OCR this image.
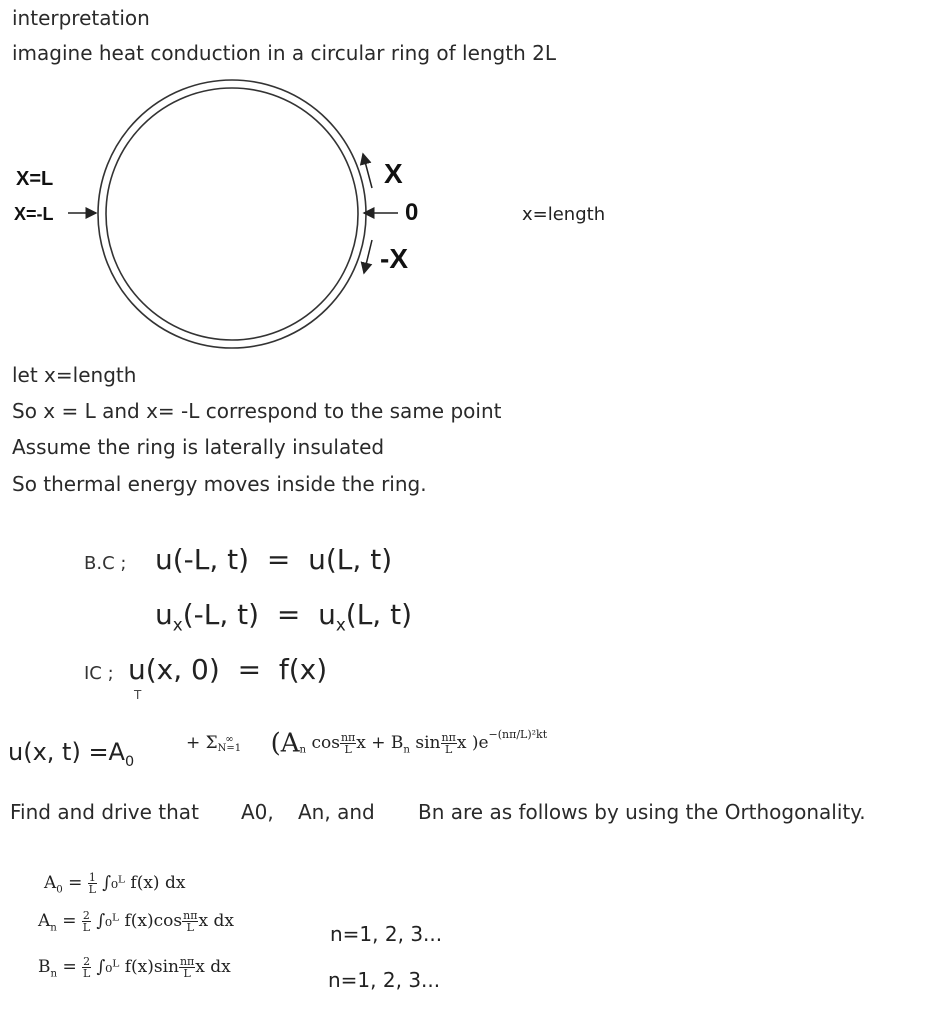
interpretation
imagine heat conduction in a circular ring of length 2L
X=L
X=-L
X
0
-X
x=length
let x=length
So x = L and x= -L correspond to the same point
Assume the ring is laterally insulated
So thermal energy moves inside the ring.
B.C ; u(-L, t)  =  u(L, t)
$u_x(-L$, $t) = u_x(L$, t)
IC ; u(x, 0)  =  f(x)
T
u(x, $t) =A_0$
+ Σ ∞
N=1 ($A_n$ $\cos \frac{n\pi}{L}$ $x + B_n$ $\sin \frac{n\pi}{L}$ x )$e^{-(n\pi/L)^2kt}$
Find and drive that A0, An, and Bn are as follows by using the Orthogonality.
$A_0 = \frac{1}{L}$ ∫₀ᴸ f(x) dx
$A_n = \frac{2}{L}$ ∫₀ᴸ $f(x)\cos \frac{n\pi}{L}$ x dx
n=1, 2, 3...
$B_n = \frac{2}{L}$ ∫₀ᴸ $f(x)\sin \frac{n\pi}{L}$ x dx
n=1, 2, 3...
